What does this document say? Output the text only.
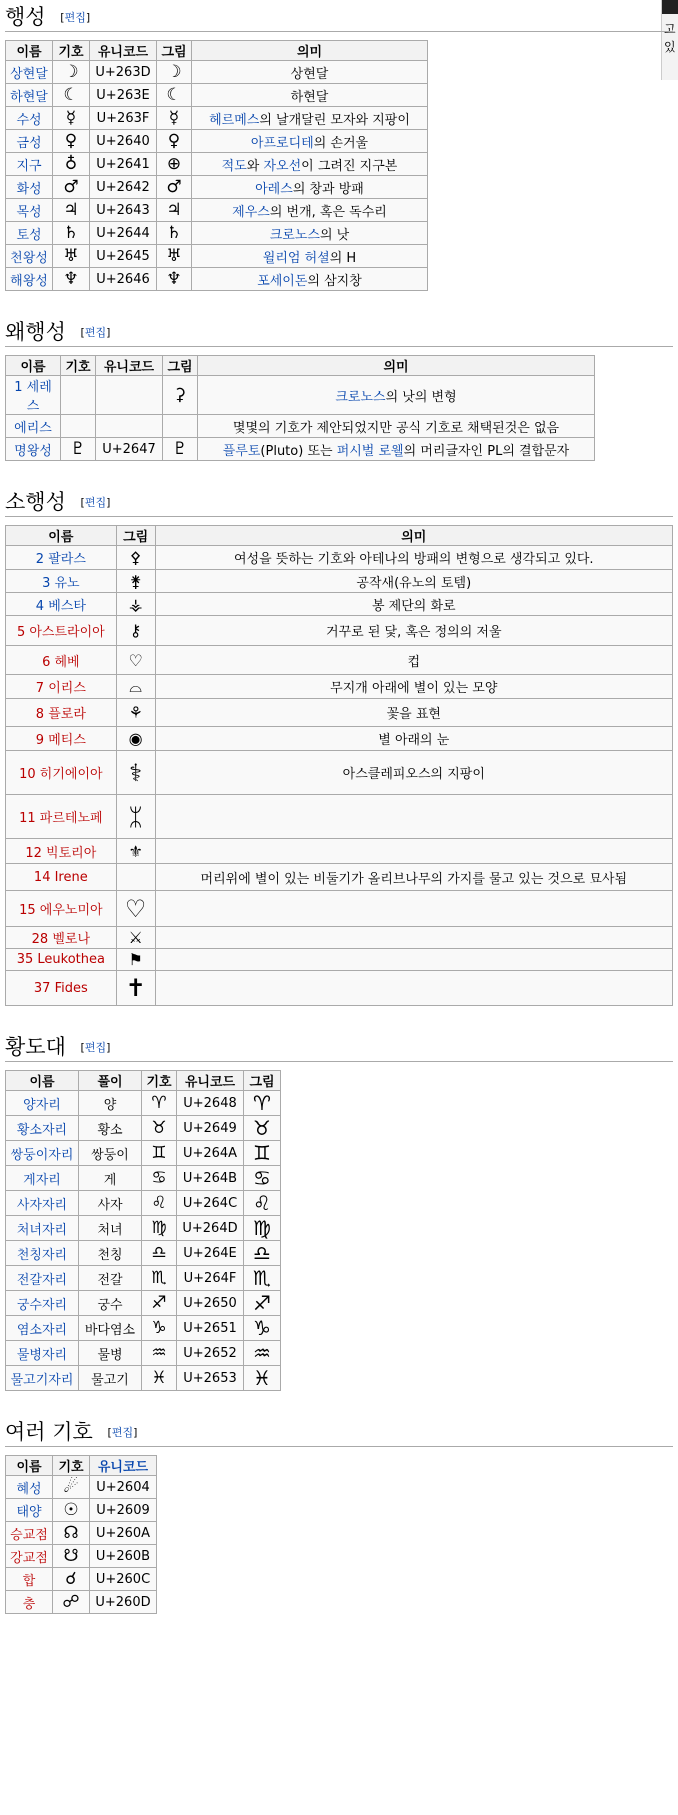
고
있
행성 [편집]
이름	기호	유니코드	그림	의미
상현달	☽	U+263D	☽	상현달
하현달	☾	U+263E	☾	하현달
수성	☿	U+263F	☿	헤르메스의 날개달린 모자와 지팡이
금성	♀	U+2640	♀	아프로디테의 손거울
지구	♁	U+2641	⊕	적도와 자오선이 그려진 지구본
화성	♂	U+2642	♂	아레스의 창과 방패
목성	♃	U+2643	♃	제우스의 번개, 혹은 독수리
토성	♄	U+2644	♄	크로노스의 낫
천왕성	♅	U+2645	♅	윌리엄 허셜의 H
해왕성	♆	U+2646	♆	포세이돈의 삼지창
왜행성 [편집]
이름	기호	유니코드	그림	의미
1 세레스			⚳	크로노스의 낫의 변형
에리스				몇몇의 기호가 제안되었지만 공식 기호로 채택된것은 없음
명왕성	♇	U+2647	♇	플루토(Pluto) 또는 퍼시벌 로웰의 머리글자인 PL의 결합문자
소행성 [편집]
이름	그림	의미
2 팔라스	⚴	여성을 뜻하는 기호와 아테나의 방패의 변형으로 생각되고 있다.
3 유노	⚵	공작새(유노의 토템)
4 베스타	⚶	봉 제단의 화로
5 아스트라이아	⚷	거꾸로 된 닻, 혹은 정의의 저울
6 헤베	♡	컵
7 이리스	⌓	무지개 아래에 별이 있는 모양
8 플로라	⚘	꽃을 표현
9 메티스	◉	별 아래의 눈
10 히기에이아	⚕	아스클레피오스의 지팡이
11 파르테노페	ᛯ	
12 빅토리아	⚜	
14 Irene		머리위에 별이 있는 비둘기가 올리브나무의 가지를 물고 있는 것으로 묘사됨
15 에우노미아	♡	
28 벨로나	⚔	
35 Leukothea	⚑	
37 Fides	✝	
황도대 [편집]
이름	풀이	기호	유니코드	그림
양자리	양	♈	U+2648	♈
황소자리	황소	♉	U+2649	♉
쌍둥이자리	쌍둥이	♊	U+264A	♊
게자리	게	♋	U+264B	♋
사자자리	사자	♌	U+264C	♌
처녀자리	처녀	♍	U+264D	♍
천칭자리	천칭	♎	U+264E	♎
전갈자리	전갈	♏	U+264F	♏
궁수자리	궁수	♐	U+2650	♐
염소자리	바다염소	♑	U+2651	♑
물병자리	물병	♒	U+2652	♒
물고기자리	물고기	♓	U+2653	♓
여러 기호 [편집]
이름	기호	유니코드
혜성	☄	U+2604
태양	☉	U+2609
승교점	☊	U+260A
강교점	☋	U+260B
합	☌	U+260C
충	☍	U+260D
